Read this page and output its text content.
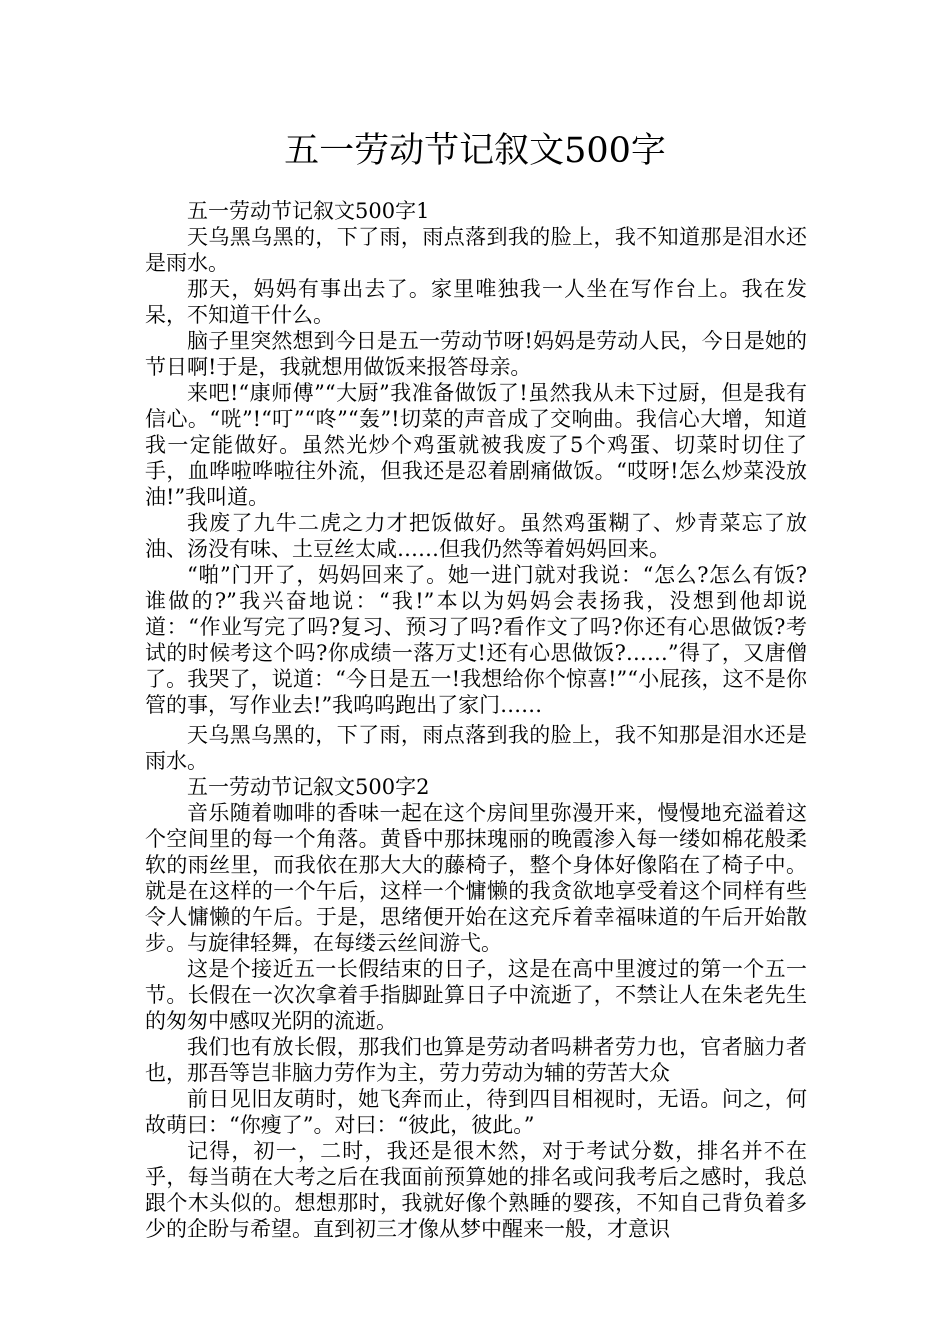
五一劳动节记叙文500字

五一劳动节记叙文500字1

天乌黑乌黑的，下了雨，雨点落到我的脸上，我不知道那是泪水还是雨水。

那天，妈妈有事出去了。家里唯独我一人坐在写作台上。我在发呆，不知道干什么。

脑子里突然想到今日是五一劳动节呀!妈妈是劳动人民，今日是她的节日啊!于是，我就想用做饭来报答母亲。

来吧!“康师傅”“大厨”我准备做饭了!虽然我从未下过厨，但是我有信心。“咣”!“叮”“咚”“轰”!切菜的声音成了交响曲。我信心大增，知道我一定能做好。虽然光炒个鸡蛋就被我废了5个鸡蛋、切菜时切住了手，血哗啦哗啦往外流，但我还是忍着剧痛做饭。“哎呀!怎么炒菜没放油!”我叫道。

我废了九牛二虎之力才把饭做好。虽然鸡蛋糊了、炒青菜忘了放油、汤没有味、土豆丝太咸……但我仍然等着妈妈回来。

“啪”门开了，妈妈回来了。她一进门就对我说：“怎么?怎么有饭?谁做的?”我兴奋地说：“我!”本以为妈妈会表扬我，没想到他却说道：“作业写完了吗?复习、预习了吗?看作文了吗?你还有心思做饭?考试的时候考这个吗?你成绩一落万丈!还有心思做饭?……”得了，又唐僧了。我哭了，说道：“今日是五一!我想给你个惊喜!”“小屁孩，这不是你管的事，写作业去!”我呜呜跑出了家门……

天乌黑乌黑的，下了雨，雨点落到我的脸上，我不知那是泪水还是雨水。

五一劳动节记叙文500字2

音乐随着咖啡的香味一起在这个房间里弥漫开来，慢慢地充溢着这个空间里的每一个角落。黄昏中那抹瑰丽的晚霞渗入每一缕如棉花般柔软的雨丝里，而我依在那大大的藤椅子，整个身体好像陷在了椅子中。就是在这样的一个午后，这样一个慵懒的我贪欲地享受着这个同样有些令人慵懒的午后。于是，思绪便开始在这充斥着幸福味道的午后开始散步。与旋律轻舞，在每缕云丝间游弋。

这是个接近五一长假结束的日子，这是在高中里渡过的第一个五一节。长假在一次次拿着手指脚趾算日子中流逝了，不禁让人在朱老先生的匆匆中感叹光阴的流逝。

我们也有放长假，那我们也算是劳动者吗耕者劳力也，官者脑力者也，那吾等岂非脑力劳作为主，劳力劳动为辅的劳苦大众

前日见旧友萌时，她飞奔而止，待到四目相视时，无语。问之，何故萌曰：“你瘦了”。对曰：“彼此，彼此。”

记得，初一，二时，我还是很木然，对于考试分数，排名并不在乎，每当萌在大考之后在我面前预算她的排名或问我考后之感时，我总跟个木头似的。想想那时，我就好像个熟睡的婴孩，不知自己背负着多少的企盼与希望。直到初三才像从梦中醒来一般，才意识
